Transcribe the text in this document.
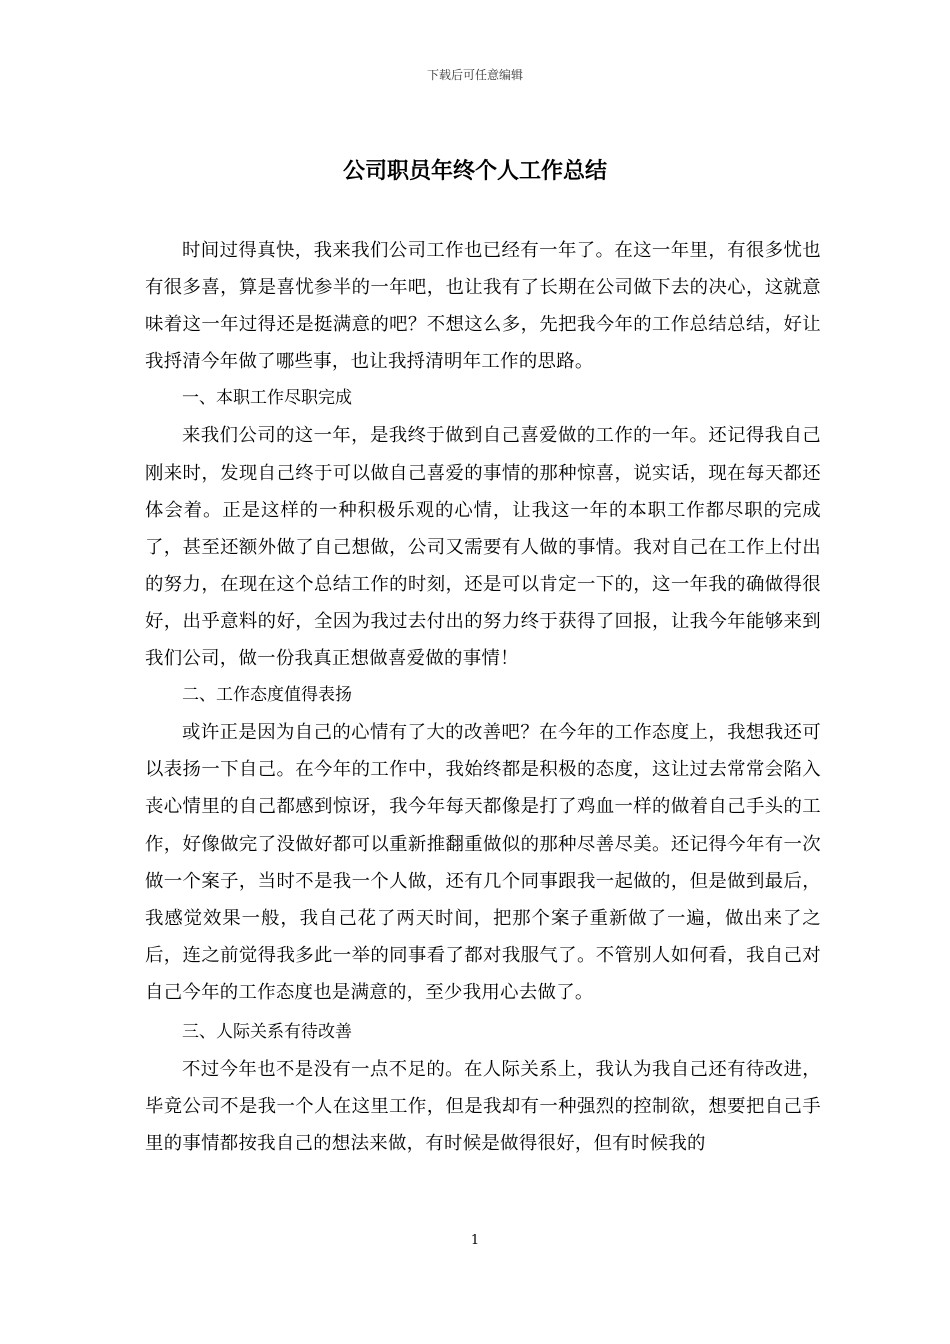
下载后可任意编辑
公司职员年终个人工作总结

时间过得真快，我来我们公司工作也已经有一年了。在这一年里，有很多忧也有很多喜，算是喜忧参半的一年吧，也让我有了长期在公司做下去的决心，这就意味着这一年过得还是挺满意的吧？不想这么多，先把我今年的工作总结总结，好让我捋清今年做了哪些事，也让我捋清明年工作的思路。

一、本职工作尽职完成

来我们公司的这一年，是我终于做到自己喜爱做的工作的一年。还记得我自己刚来时，发现自己终于可以做自己喜爱的事情的那种惊喜，说实话，现在每天都还体会着。正是这样的一种积极乐观的心情，让我这一年的本职工作都尽职的完成了，甚至还额外做了自己想做，公司又需要有人做的事情。我对自己在工作上付出的努力，在现在这个总结工作的时刻，还是可以肯定一下的，这一年我的确做得很好，出乎意料的好，全因为我过去付出的努力终于获得了回报，让我今年能够来到我们公司，做一份我真正想做喜爱做的事情！

二、工作态度值得表扬

或许正是因为自己的心情有了大的改善吧？在今年的工作态度上，我想我还可以表扬一下自己。在今年的工作中，我始终都是积极的态度，这让过去常常会陷入丧心情里的自己都感到惊讶，我今年每天都像是打了鸡血一样的做着自己手头的工作，好像做完了没做好都可以重新推翻重做似的那种尽善尽美。还记得今年有一次做一个案子，当时不是我一个人做，还有几个同事跟我一起做的，但是做到最后，我感觉效果一般，我自己花了两天时间，把那个案子重新做了一遍，做出来了之后，连之前觉得我多此一举的同事看了都对我服气了。不管别人如何看，我自己对自己今年的工作态度也是满意的，至少我用心去做了。

三、人际关系有待改善

不过今年也不是没有一点不足的。在人际关系上，我认为我自己还有待改进，毕竟公司不是我一个人在这里工作，但是我却有一种强烈的控制欲，想要把自己手里的事情都按我自己的想法来做，有时候是做得很好，但有时候我的

1
